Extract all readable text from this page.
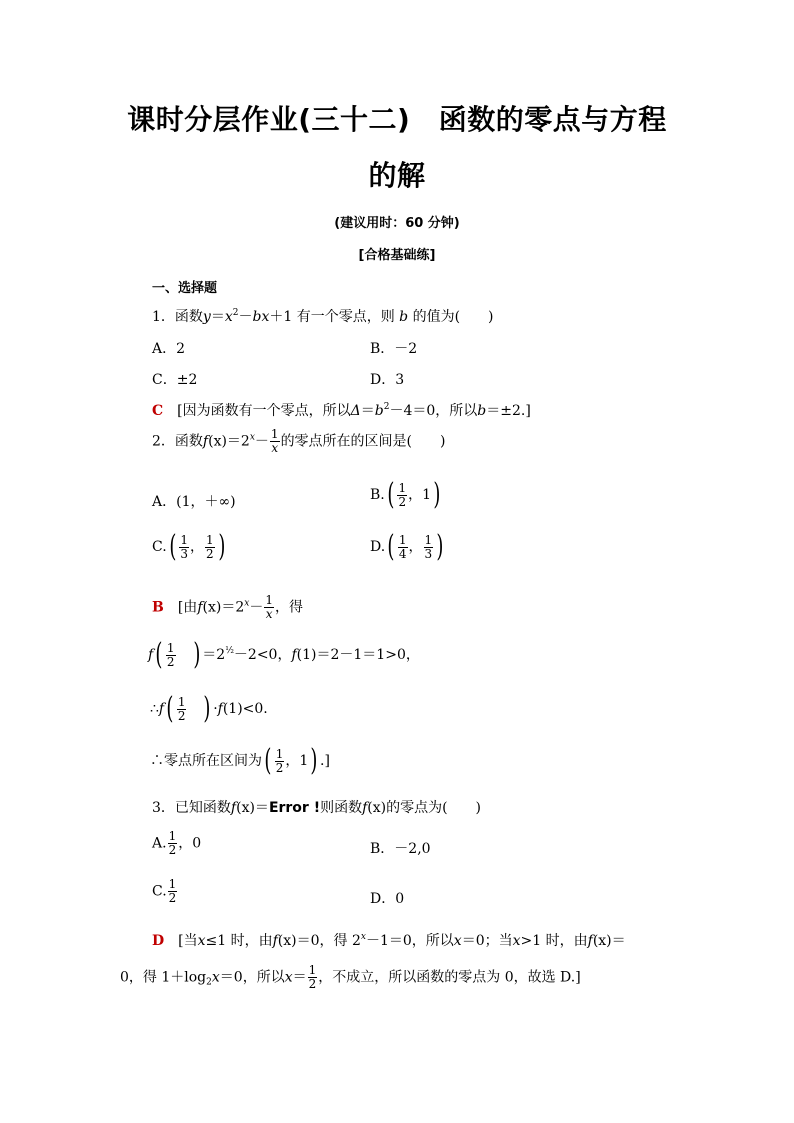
课时分层作业(三十二)　函数的零点与方程
的解
(建议用时：60 分钟)
[合格基础练]
一、选择题
1．函数$y=x^2-bx+1$ 有一个零点，则 b 的值为(　　)
A．2	B．－2
C．±2	D．3
C　 [因为函数有一个零点，所以$\Delta=b^2-4=0$，所以b＝±2.]
2．函数$f(x)=2^x- \frac{1}{x}$ 的零点所在的区间是(　　)
A．(1，＋∞)	$B.( \frac{1}{2}$ ，1)
$C.( \frac{1}{3}$ ， $\frac{1}{2}$ )	$D.( \frac{1}{4}$ ， $\frac{1}{3}$ )
B　 [由$f(x)=2^x- \frac{1}{x}$ ，得
$f( \frac{1}{2}$
　 ) $=2^{\frac{1}{2}}-2<0$，f(1)＝2－1＝1>0，
∴f( $\frac{1}{2}$
　 ) ·f(1)<0.
∴零点所在区间为( $\frac{1}{2}$ ，1) .]
3．已知函数f(x)＝Error !则函数f(x)的零点为(　　)
A. $\frac{1}{2}$ ，0	B．－2,0
C. $\frac{1}{2}$	D．0
D　 [当x≤1 时，由f(x)＝0，得 $2^x-1=0$，所以x＝0；当x>1 时，由f(x)＝
0，得 $1+\log_2x=0$，所以$x= \frac{1}{2}$ ，不成立，所以函数的零点为 0，故选 D.]
